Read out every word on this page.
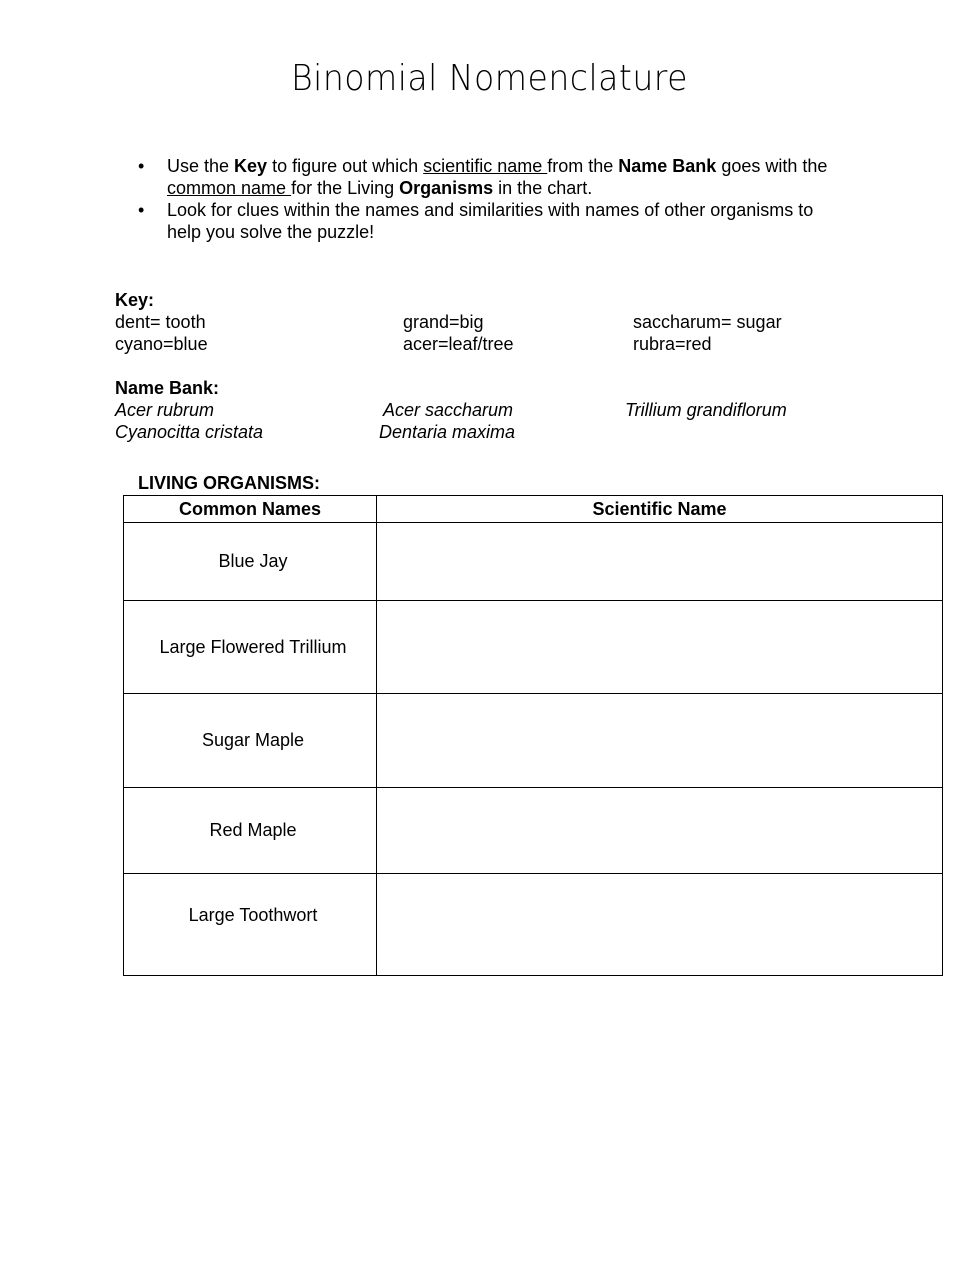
Binomial Nomenclature
• Use the Key to figure out which scientific name from the Name Bank goes with the common name for the Living Organisms in the chart.
• Look for clues within the names and similarities with names of other organisms to help you solve the puzzle!
Key:
dent= tooth	grand=big	saccharum= sugar
cyano=blue	acer=leaf/tree	rubra=red
Name Bank:
Acer rubrum	Acer saccharum	Trillium grandiflorum
Cyanocitta cristata	Dentaria maxima
LIVING ORGANISMS:
Common Names	Scientific Name
Blue Jay	
Large Flowered Trillium	
Sugar Maple	
Red Maple	
Large Toothwort	
